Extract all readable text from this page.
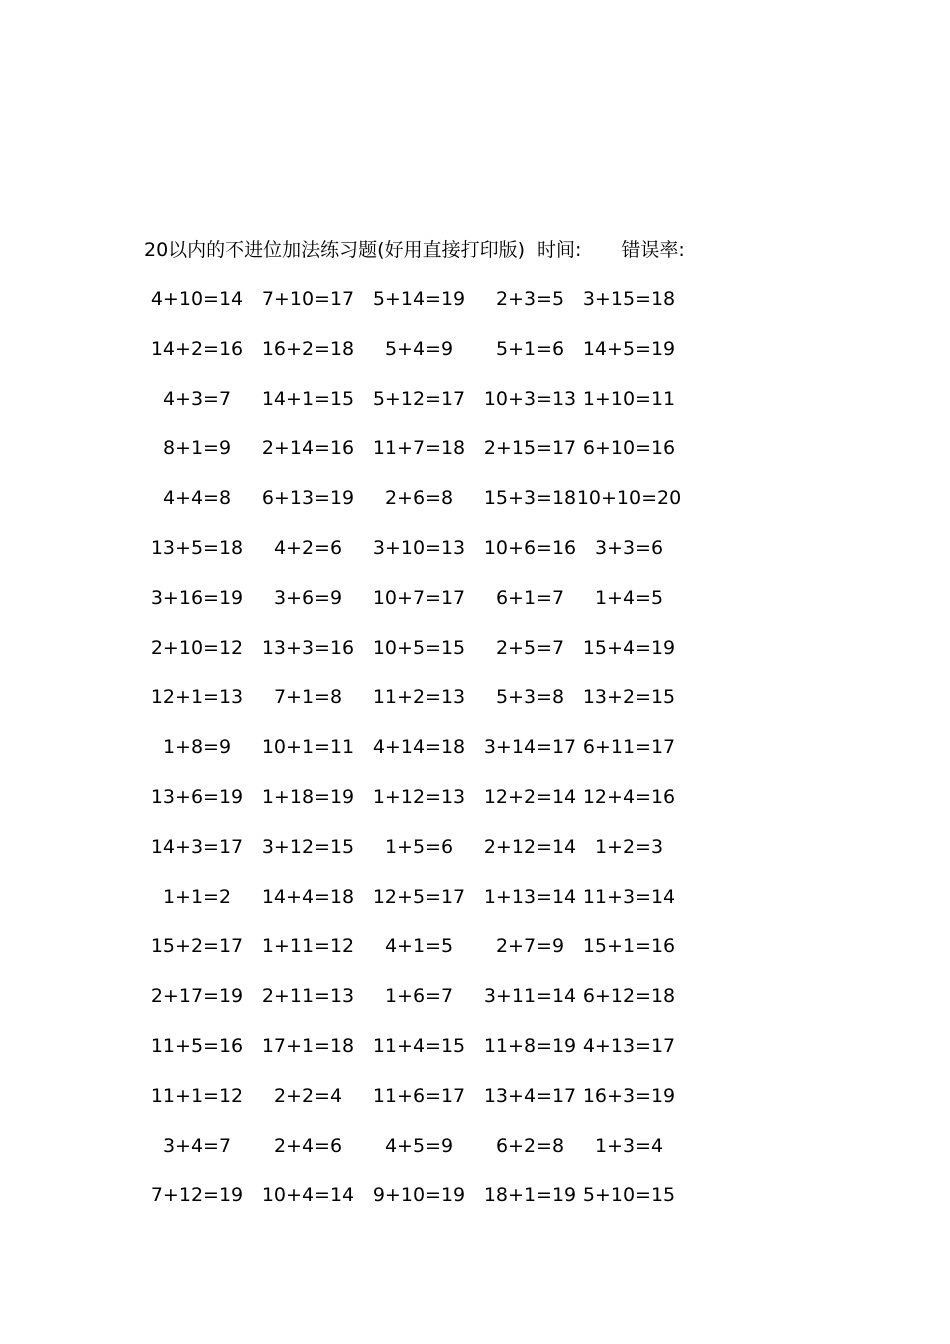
20以内的不进位加法练习题(好用直接打印版) 时间: 错误率:
4+10=14 7+10=17 5+14=19	2+3=5 3+15=18
14+2=16 16+2=18	5+4=9	5+1=6 14+5=19
4+3=7	14+1=15 5+12=17 10+3=13 1+10=11
8+1=9	2+14=16 11+7=18 2+15=17 6+10=16
4+4=8	6+13=19	2+6=8	15+3=18 10+10=20
13+5=18	4+2=6	3+10=13 10+6=16 3+3=6
3+16=19	3+6=9	10+7=17	6+1=7	1+4=5
2+10=12 13+3=16 10+5=15	2+5=7 15+4=19
12+1=13	7+1=8	11+2=13	5+3=8 13+2=15
1+8=9	10+1=11 4+14=18 3+14=17 6+11=17
13+6=19 1+18=19 1+12=13 12+2=14 12+4=16
14+3=17 3+12=15	1+5=6	2+12=14 1+2=3
1+1=2	14+4=18 12+5=17 1+13=14 11+3=14
15+2=17 1+11=12	4+1=5	2+7=9 15+1=16
2+17=19 2+11=13	1+6=7	3+11=14 6+12=18
11+5=16 17+1=18 11+4=15 11+8=19 4+13=17
11+1=12	2+2=4	11+6=17 13+4=17 16+3=19
3+4=7	2+4=6	4+5=9	6+2=8	1+3=4
7+12=19 10+4=14 9+10=19 18+1=19 5+10=15
